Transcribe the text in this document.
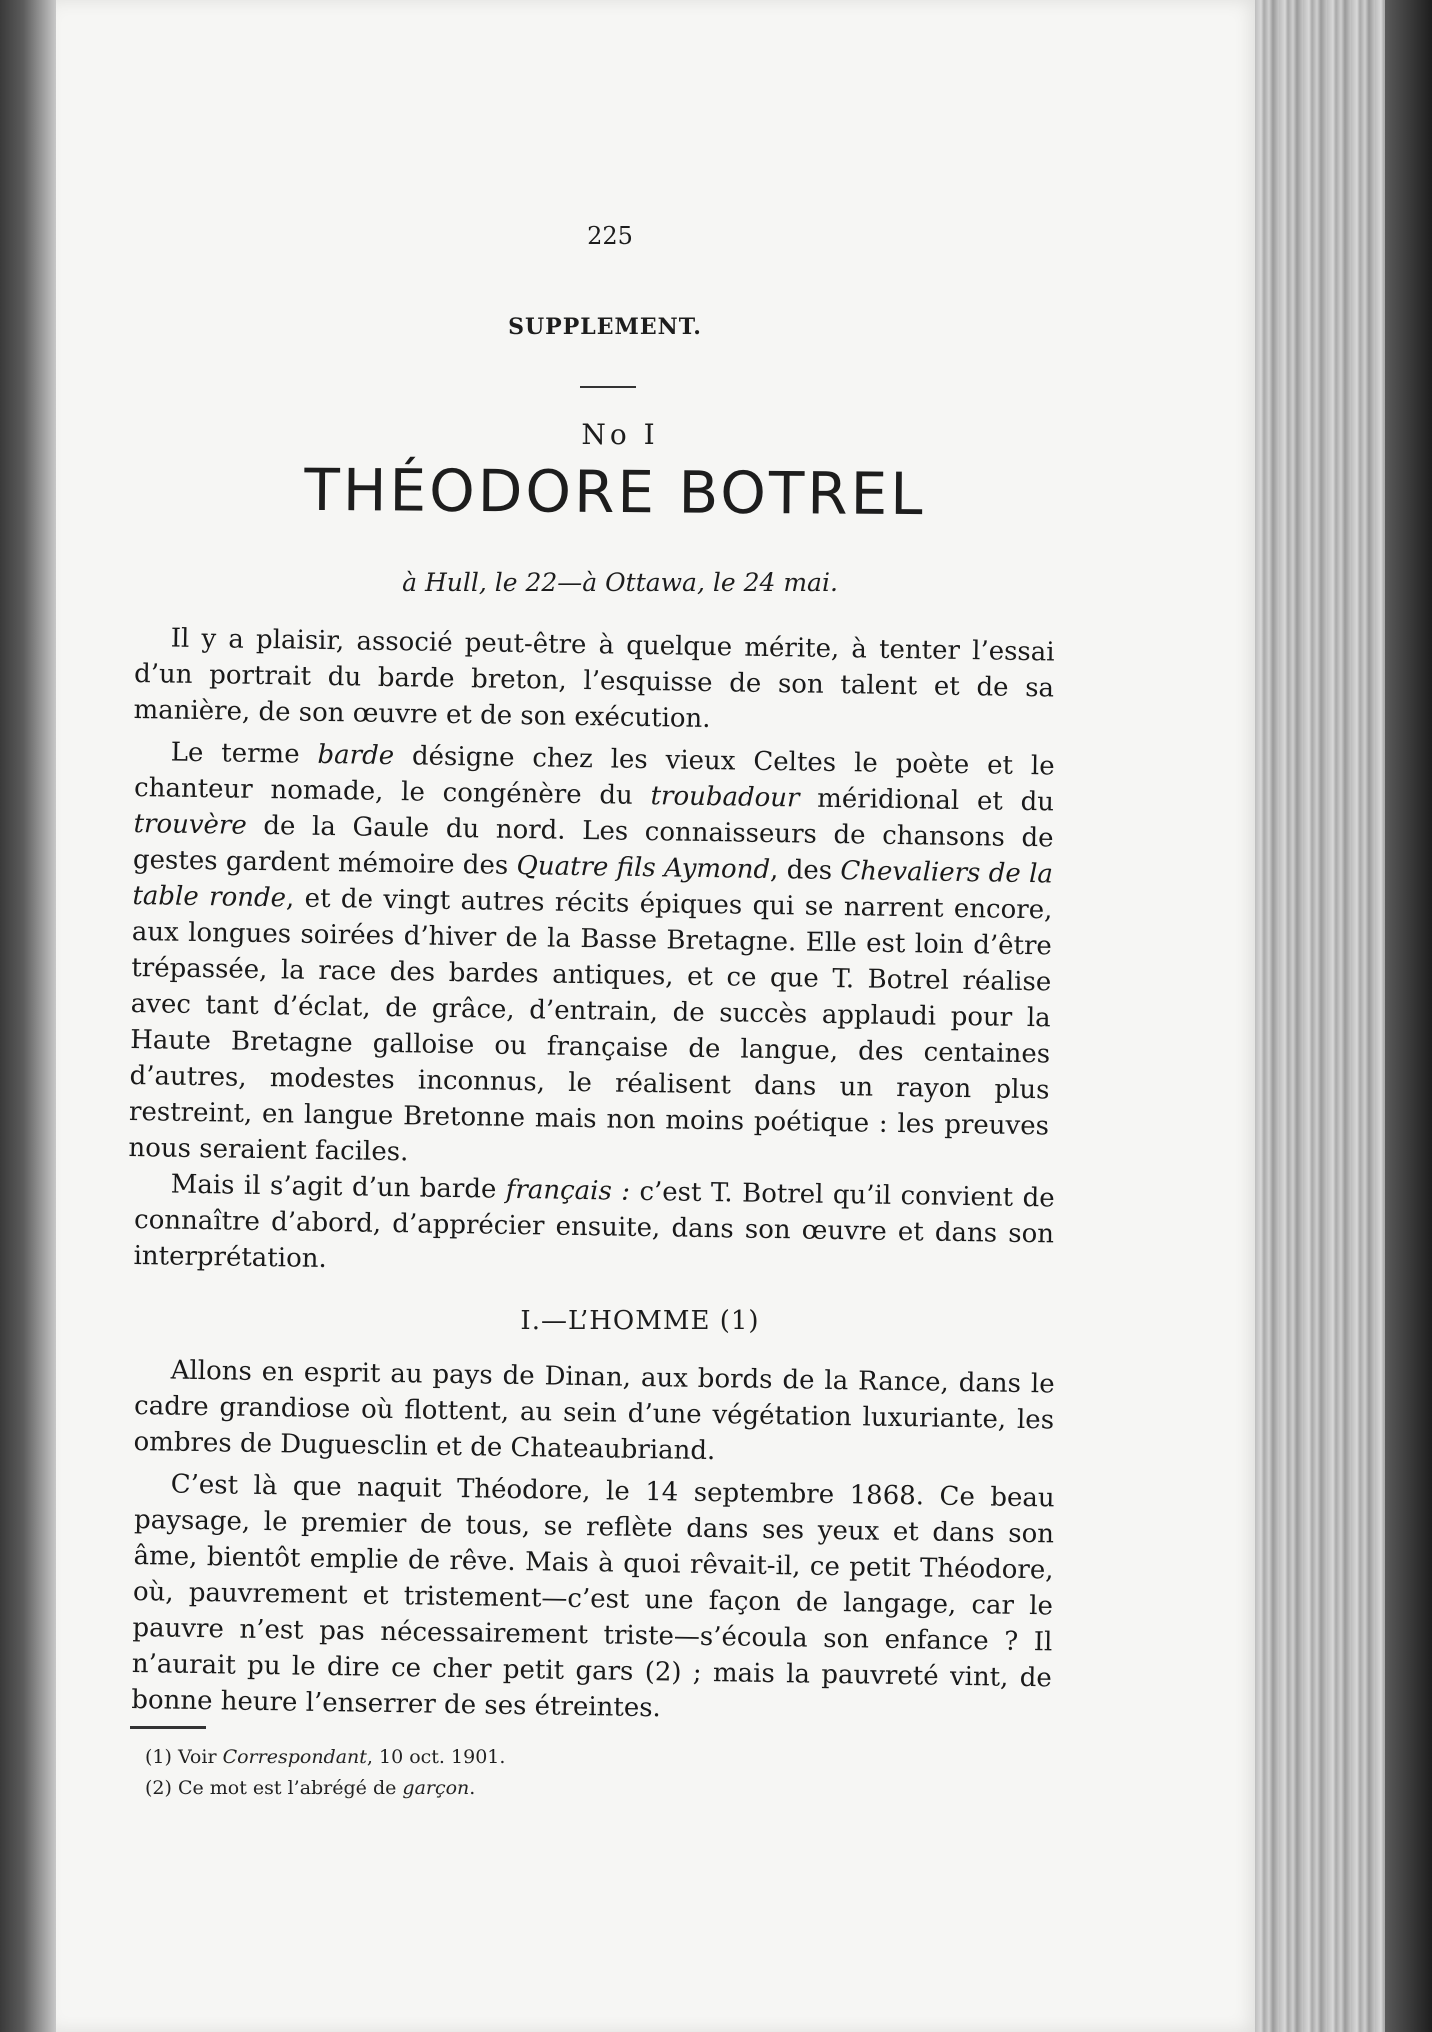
225
SUPPLEMENT.
No I
THÉODORE BOTREL
à Hull, le 22—à Ottawa, le 24 mai.

Il y a plaisir, associé peut-être à quelque mérite, à tenter l’essai d’un portrait du barde breton, l’esquisse de son talent et de sa manière, de son œuvre et de son exécution.

Le terme barde désigne chez les vieux Celtes le poète et le chanteur nomade, le congénère du troubadour méridional et du trouvère de la Gaule du nord. Les connaisseurs de chansons de gestes gardent mémoire des Quatre fils Aymond, des Chevaliers de la table ronde, et de vingt autres récits épiques qui se narrent encore, aux longues soirées d’hiver de la Basse Bretagne. Elle est loin d’être trépassée, la race des bardes antiques, et ce que T. Botrel réalise avec tant d’éclat, de grâce, d’entrain, de succès applaudi pour la Haute Bretagne galloise ou française de langue, des centaines d’autres, modestes inconnus, le réalisent dans un rayon plus restreint, en langue Bretonne mais non moins poétique : les preuves nous seraient faciles.

Mais il s’agit d’un barde français : c’est T. Botrel qu’il convient de connaître d’abord, d’apprécier ensuite, dans son œuvre et dans son interprétation.

I.—L’HOMME (1)

Allons en esprit au pays de Dinan, aux bords de la Rance, dans le cadre grandiose où flottent, au sein d’une végétation luxuriante, les ombres de Duguesclin et de Chateaubriand.

C’est là que naquit Théodore, le 14 septembre 1868. Ce beau paysage, le premier de tous, se reflète dans ses yeux et dans son âme, bientôt emplie de rêve. Mais à quoi rêvait-il, ce petit Théodore, où, pauvrement et tristement—c’est une façon de langage, car le pauvre n’est pas nécessairement triste—s’écoula son enfance ? Il n’aurait pu le dire ce cher petit gars (2) ; mais la pauvreté vint, de bonne heure l’enserrer de ses étreintes.

(1) Voir Correspondant, 10 oct. 1901.
(2) Ce mot est l’abrégé de garçon.
